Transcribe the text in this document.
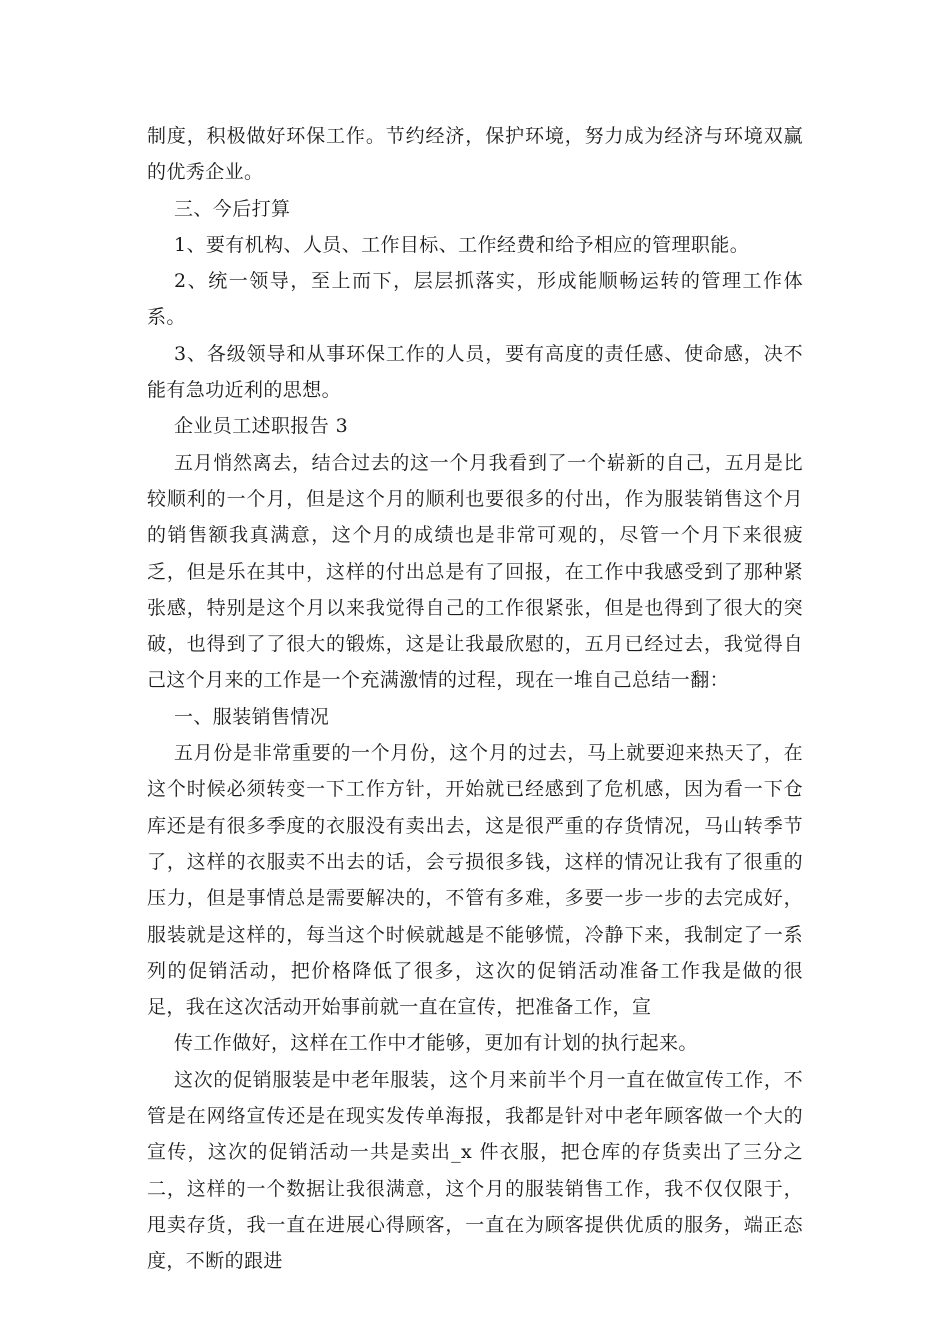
制度，积极做好环保工作。节约经济，保护环境，努力成为经济与环境双赢的优秀企业。

三、今后打算

1、要有机构、人员、工作目标、工作经费和给予相应的管理职能。

2、统一领导，至上而下，层层抓落实，形成能顺畅运转的管理工作体系。

3、各级领导和从事环保工作的人员，要有高度的责任感、使命感，决不能有急功近利的思想。

企业员工述职报告 3

五月悄然离去，结合过去的这一个月我看到了一个崭新的自己，五月是比较顺利的一个月，但是这个月的顺利也要很多的付出，作为服装销售这个月的销售额我真满意，这个月的成绩也是非常可观的，尽管一个月下来很疲乏，但是乐在其中，这样的付出总是有了回报，在工作中我感受到了那种紧张感，特别是这个月以来我觉得自己的工作很紧张，但是也得到了很大的突破，也得到了了很大的锻炼，这是让我最欣慰的，五月已经过去，我觉得自己这个月来的工作是一个充满激情的过程，现在一堆自己总结一翻：

一、服装销售情况

五月份是非常重要的一个月份，这个月的过去，马上就要迎来热天了，在这个时候必须转变一下工作方针，开始就已经感到了危机感，因为看一下仓库还是有很多季度的衣服没有卖出去，这是很严重的存货情况，马山转季节了，这样的衣服卖不出去的话，会亏损很多钱，这样的情况让我有了很重的压力，但是事情总是需要解决的，不管有多难，多要一步一步的去完成好，服装就是这样的，每当这个时候就越是不能够慌，冷静下来，我制定了一系列的促销活动，把价格降低了很多，这次的促销活动准备工作我是做的很足，我在这次活动开始事前就一直在宣传，把准备工作，宣

传工作做好，这样在工作中才能够，更加有计划的执行起来。

这次的促销服装是中老年服装，这个月来前半个月一直在做宣传工作，不管是在网络宣传还是在现实发传单海报，我都是针对中老年顾客做一个大的宣传，这次的促销活动一共是卖出_x 件衣服，把仓库的存货卖出了三分之二，这样的一个数据让我很满意，这个月的服装销售工作，我不仅仅限于，甩卖存货，我一直在进展心得顾客，一直在为顾客提供优质的服务，端正态度，不断的跟进
